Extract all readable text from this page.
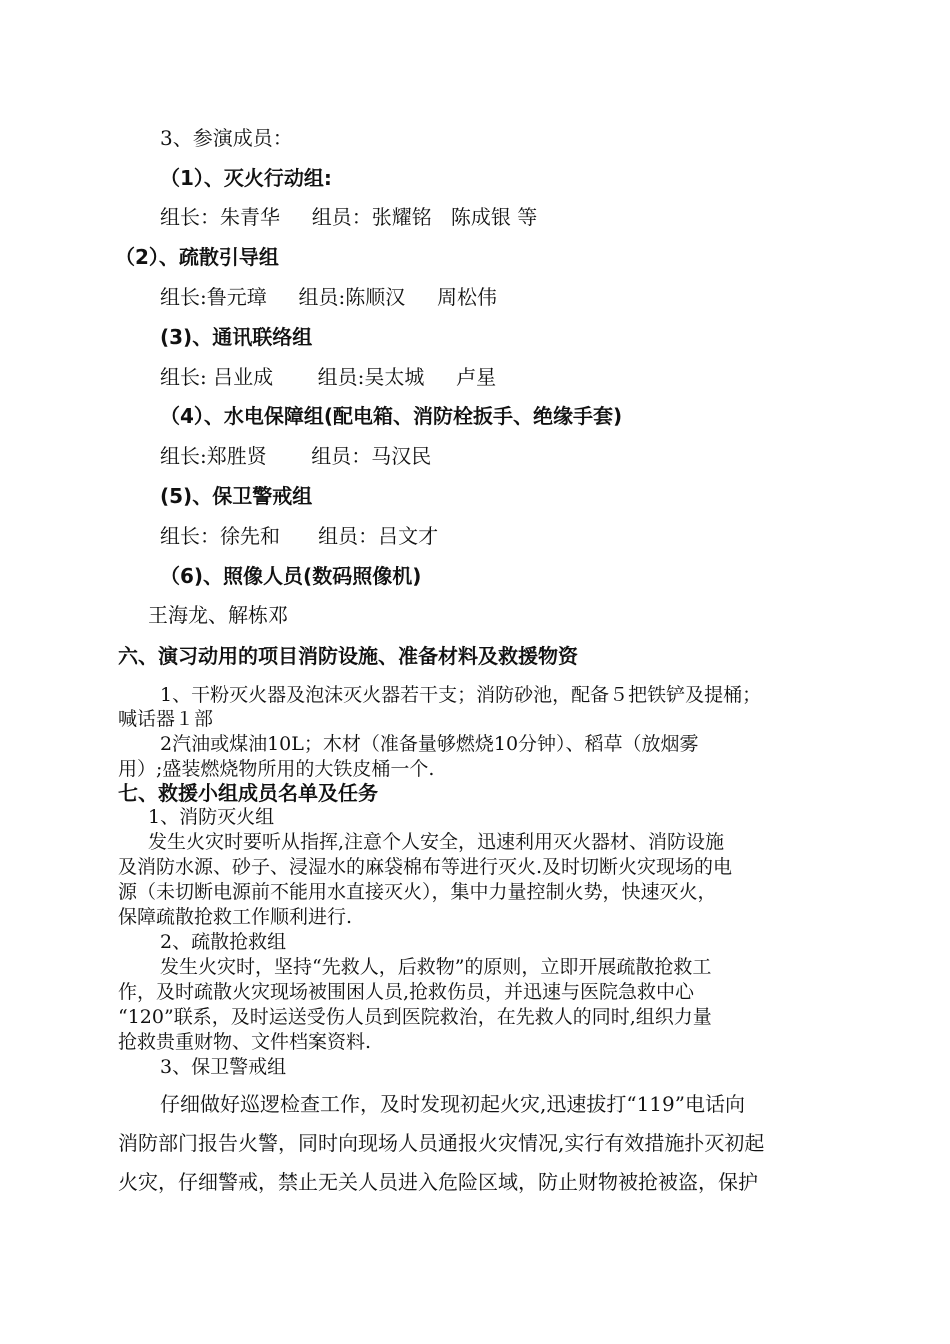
3、参演成员：
（1）、灭火行动组:
组长：朱青华     组员：张耀铭   陈成银 等
（2）、疏散引导组
组长:鲁元璋     组员:陈顺汉     周松伟
(3)、通讯联络组
组长: 吕业成       组员:吴太城     卢星
（4）、水电保障组(配电箱、消防栓扳手、绝缘手套)
组长:郑胜贤       组员：马汉民
(5)、保卫警戒组
组长：徐先和      组员：吕文才
（6)、照像人员(数码照像机)
王海龙、解栋邓
六、演习动用的项目消防设施、准备材料及救援物资
1、干粉灭火器及泡沫灭火器若干支；消防砂池，配备５把铁铲及提桶；
喊话器１部
2汽油或煤油10L；木材（准备量够燃烧10分钟）、稻草（放烟雾
用）;盛装燃烧物所用的大铁皮桶一个.
七、救援小组成员名单及任务
1、消防灭火组
发生火灾时要听从指挥,注意个人安全，迅速利用灭火器材、消防设施
及消防水源、砂子、浸湿水的麻袋棉布等进行灭火.及时切断火灾现场的电
源（未切断电源前不能用水直接灭火），集中力量控制火势，快速灭火，
保障疏散抢救工作顺利进行.
2、疏散抢救组
发生火灾时，坚持“先救人，后救物”的原则，立即开展疏散抢救工
作，及时疏散火灾现场被围困人员,抢救伤员，并迅速与医院急救中心
“120”联系，及时运送受伤人员到医院救治，在先救人的同时,组织力量
抢救贵重财物、文件档案资料.
3、保卫警戒组
仔细做好巡逻检查工作，及时发现初起火灾,迅速拔打“119”电话向
消防部门报告火警，同时向现场人员通报火灾情况,实行有效措施扑灭初起
火灾，仔细警戒，禁止无关人员进入危险区域，防止财物被抢被盗，保护
